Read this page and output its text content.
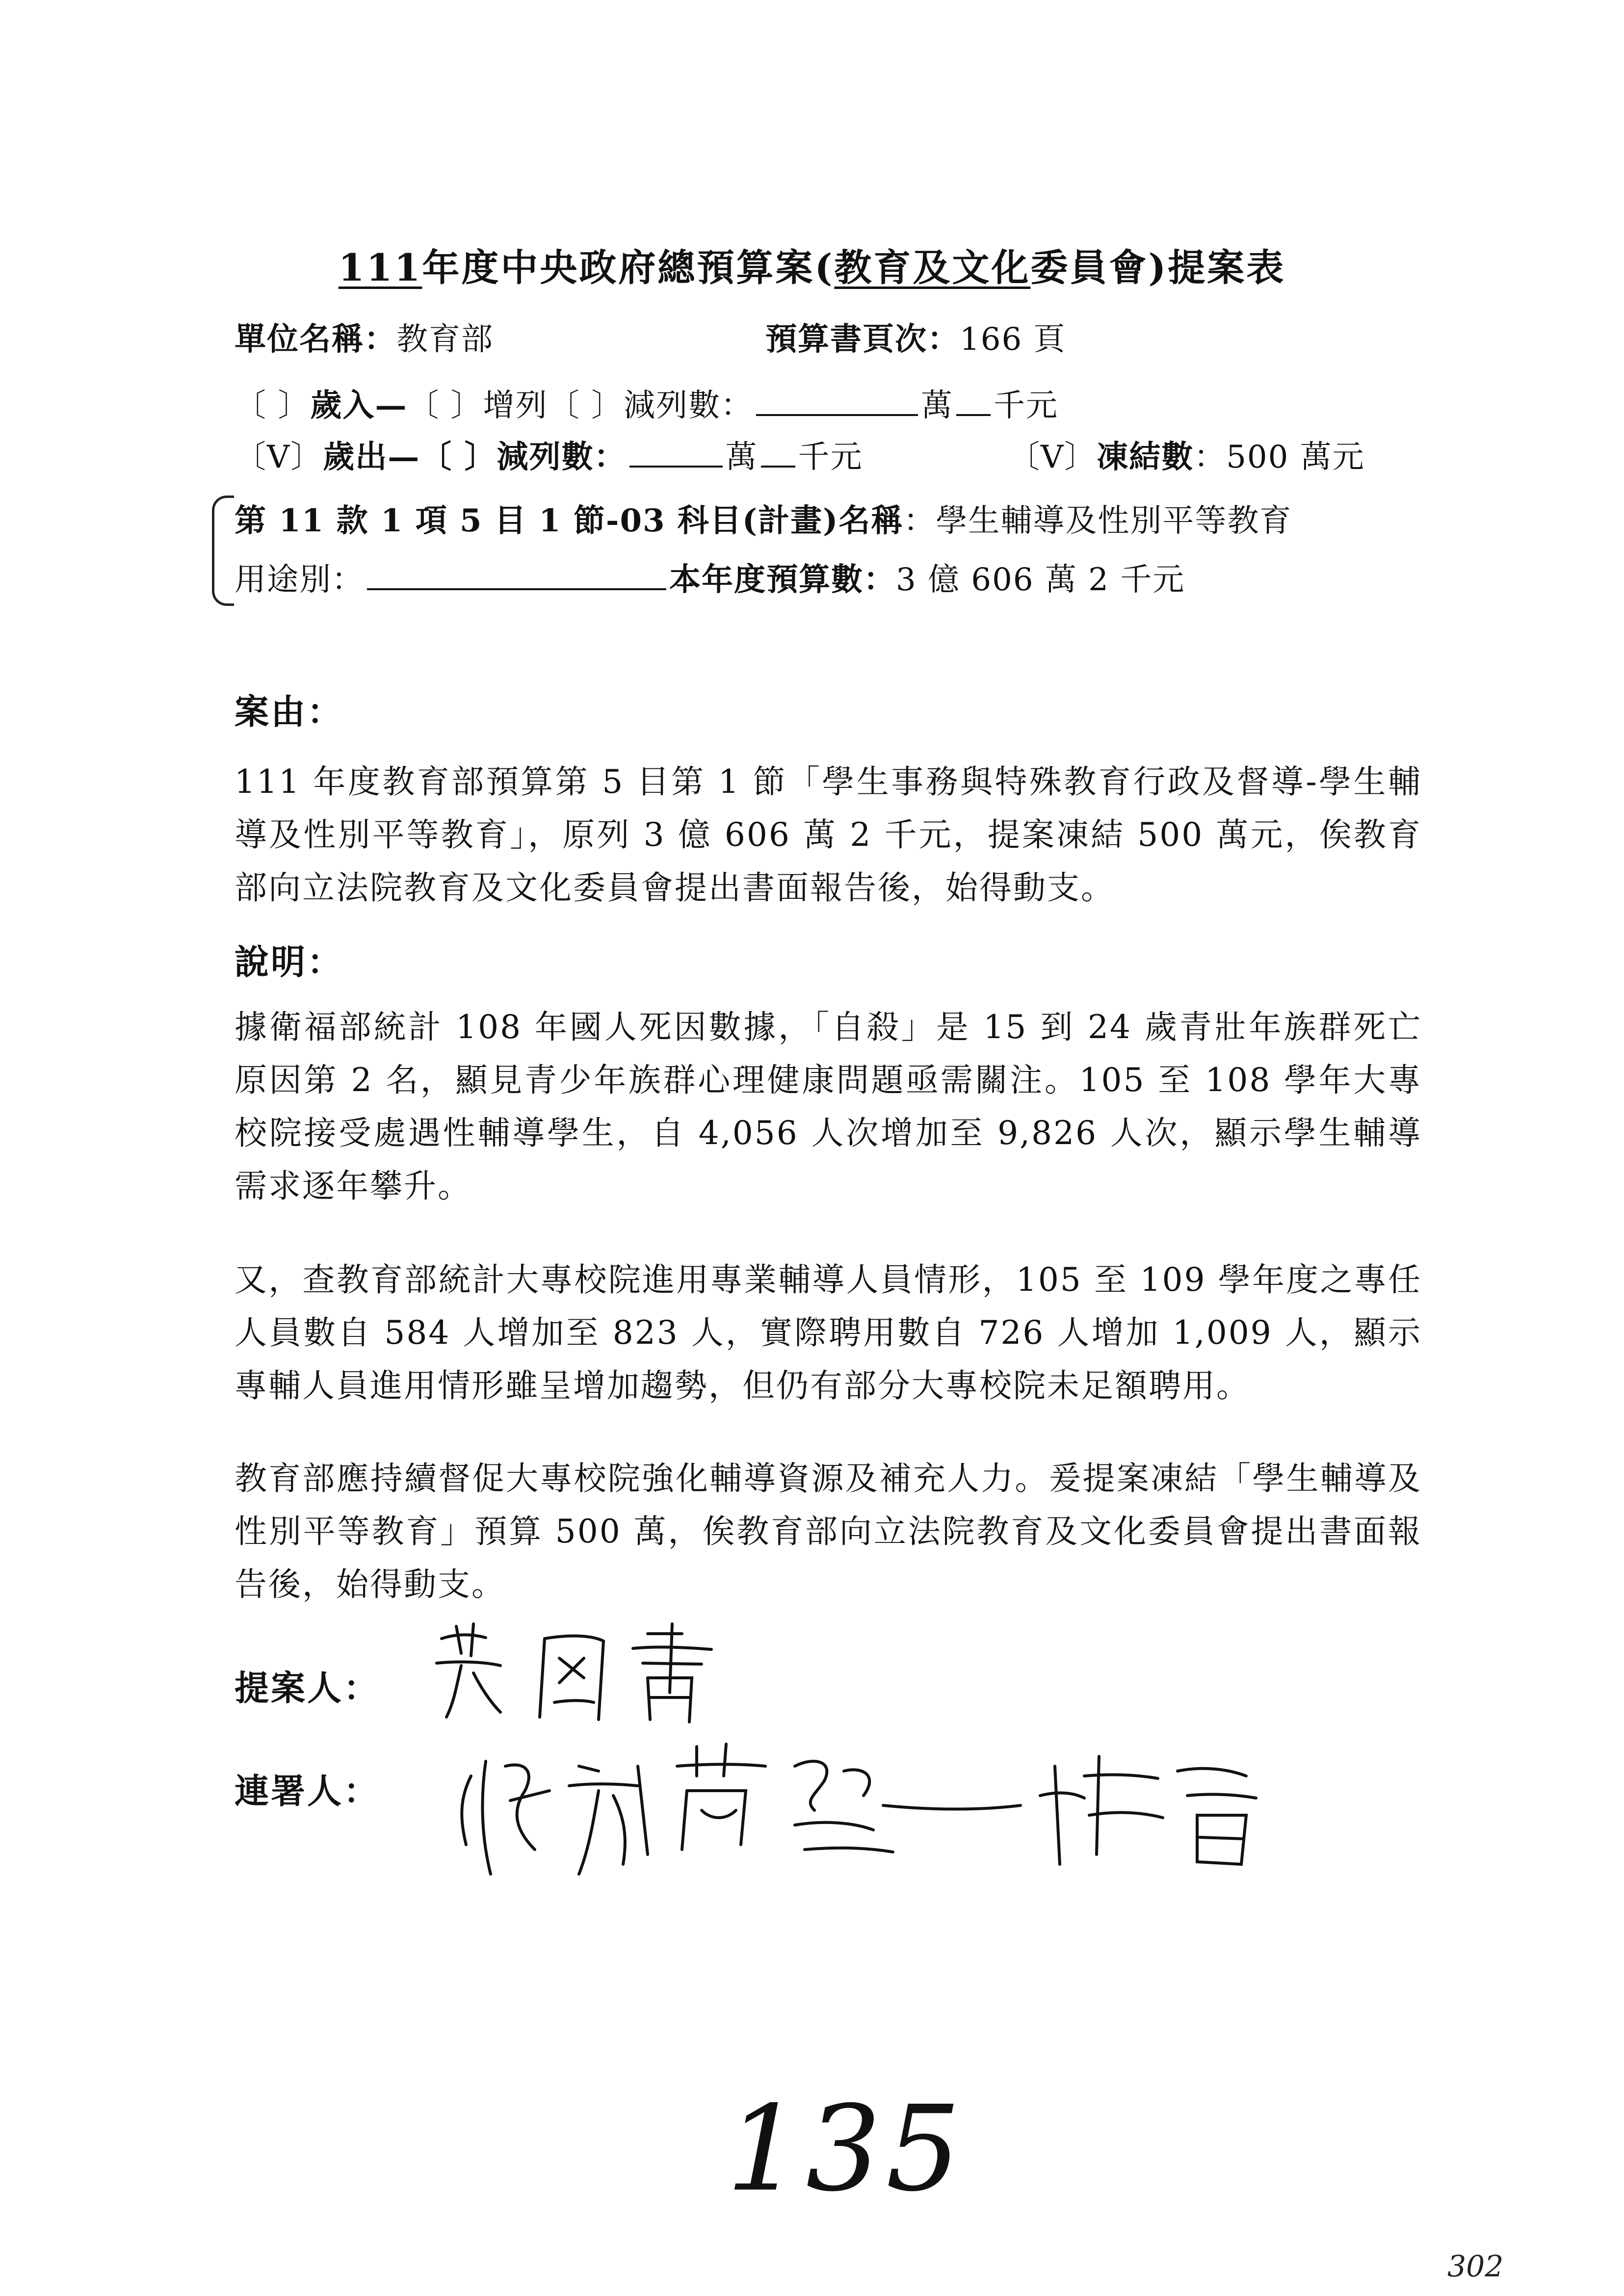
111年度中央政府總預算案(教育及文化委員會)提案表
單位名稱：教育部	預算書頁次：166 頁
〔 〕歲入—〔 〕增列〔 〕減列數：	萬 千元
〔V〕歲出—〔 〕減列數：	萬 千元	〔V〕凍結數：500 萬元
第 11 款 1 項 5 目 1 節-03 科目(計畫)名稱：學生輔導及性別平等教育
用途別：	本年度預算數：3 億 606 萬 2 千元
案由：
111 年度教育部預算第 5 目第 1 節「學生事務與特殊教育行政及督導-學生輔導及性別平等教育」，原列 3 億 606 萬 2 千元，提案凍結 500 萬元，俟教育部向立法院教育及文化委員會提出書面報告後，始得動支。
說明：
據衛福部統計 108 年國人死因數據，「自殺」是 15 到 24 歲青壯年族群死亡原因第 2 名，顯見青少年族群心理健康問題亟需關注。105 至 108 學年大專校院接受處遇性輔導學生，自 4,056 人次增加至 9,826 人次，顯示學生輔導需求逐年攀升。
又，查教育部統計大專校院進用專業輔導人員情形，105 至 109 學年度之專任人員數自 584 人增加至 823 人，實際聘用數自 726 人增加 1,009 人，顯示專輔人員進用情形雖呈增加趨勢，但仍有部分大專校院未足額聘用。
教育部應持續督促大專校院強化輔導資源及補充人力。爰提案凍結「學生輔導及性別平等教育」預算 500 萬，俟教育部向立法院教育及文化委員會提出書面報告後，始得動支。
提案人：
連署人：
135
302
